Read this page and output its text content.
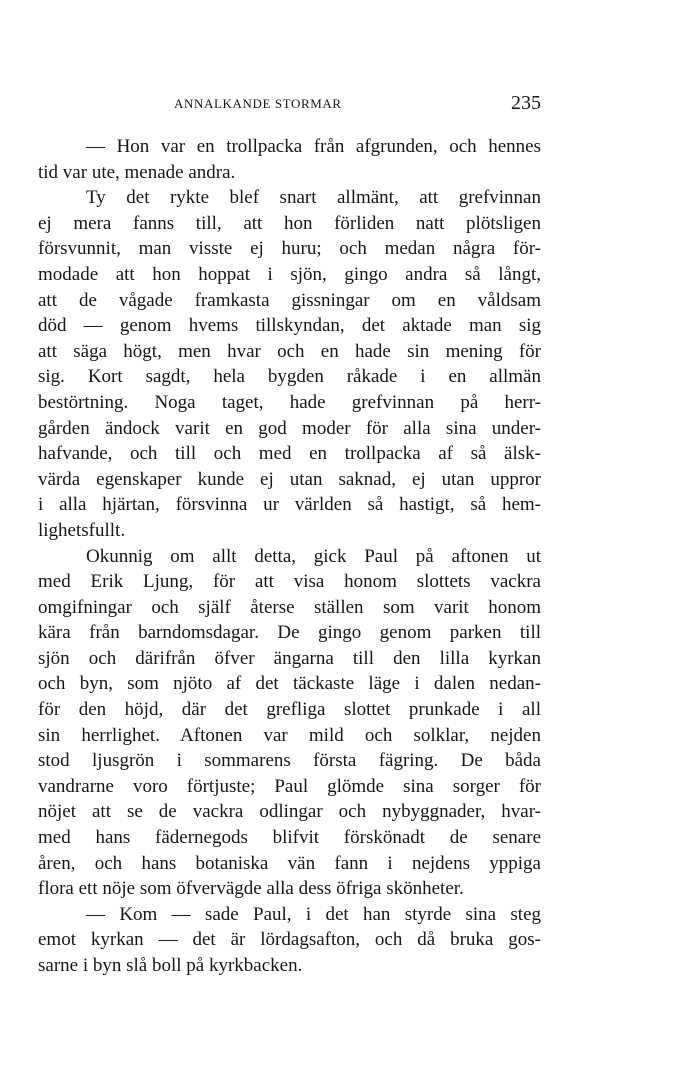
ANNALKANDE STORMAR	235
— Hon var en trollpacka från afgrunden, och hennes
tid var ute, menade andra.
Ty det rykte blef snart allmänt, att grefvinnan
ej mera fanns till, att hon förliden natt plötsligen
försvunnit, man visste ej huru; och medan några för-
modade att hon hoppat i sjön, gingo andra så långt,
att de vågade framkasta gissningar om en våldsam
död — genom hvems tillskyndan, det aktade man sig
att säga högt, men hvar och en hade sin mening för
sig. Kort sagdt, hela bygden råkade i en allmän
bestörtning. Noga taget, hade grefvinnan på herr-
gården ändock varit en god moder för alla sina under-
hafvande, och till och med en trollpacka af så älsk-
värda egenskaper kunde ej utan saknad, ej utan uppror
i alla hjärtan, försvinna ur världen så hastigt, så hem-
lighetsfullt.
Okunnig om allt detta, gick Paul på aftonen ut
med Erik Ljung, för att visa honom slottets vackra
omgifningar och själf återse ställen som varit honom
kära från barndomsdagar. De gingo genom parken till
sjön och därifrån öfver ängarna till den lilla kyrkan
och byn, som njöto af det täckaste läge i dalen nedan-
för den höjd, där det grefliga slottet prunkade i all
sin herrlighet. Aftonen var mild och solklar, nejden
stod ljusgrön i sommarens första fägring. De båda
vandrarne voro förtjuste; Paul glömde sina sorger för
nöjet att se de vackra odlingar och nybyggnader, hvar-
med hans fädernegods blifvit förskönadt de senare
åren, och hans botaniska vän fann i nejdens yppiga
flora ett nöje som öfvervägde alla dess öfriga skönheter.
— Kom — sade Paul, i det han styrde sina steg
emot kyrkan — det är lördagsafton, och då bruka gos-
sarne i byn slå boll på kyrkbacken.
